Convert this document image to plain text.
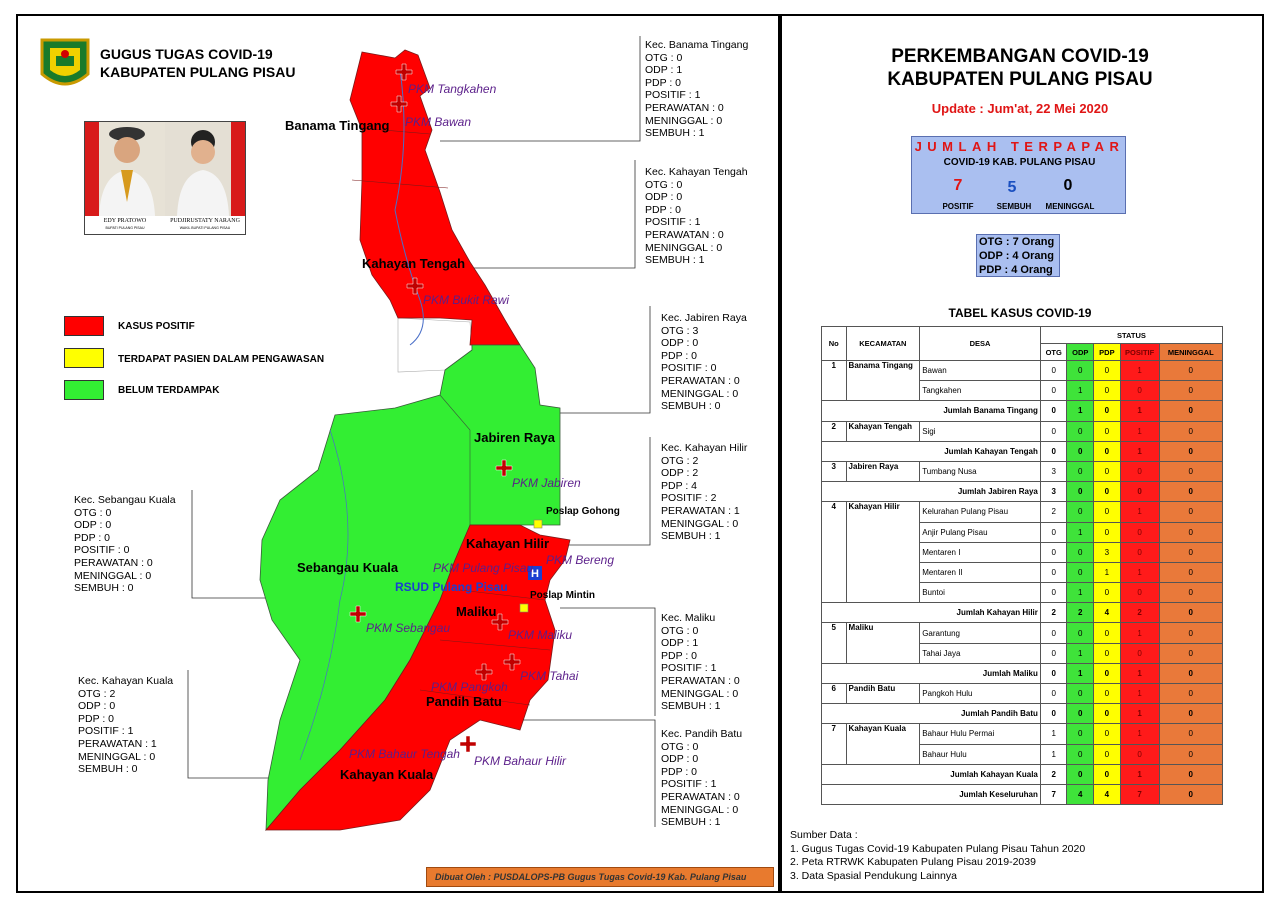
GUGUS TUGAS COVID-19
KABUPATEN PULANG PISAU
EDY PRATOWO
BUPATI PULANG PISAU
PUDJIRUSTATY NARANG
WAKIL BUPATI PULANG PISAU
KASUS POSITIF
TERDAPAT PASIEN DALAM PENGAWASAN
BELUM TERDAMPAK
H
Banama Tingang
Kahayan Tengah
Jabiren Raya
Sebangau Kuala
Kahayan Hilir
Maliku
Pandih Batu
Kahayan Kuala
RSUD Pulang Pisau
PKM Tangkahen
PKM Bawan
PKM Bukit Rawi
PKM Jabiren
PKM Pulang Pisau
PKM Bereng
PKM Sebangau	PKM Maliku
PKM Tahai
PKM Pangkoh
PKM Bahaur Tengah PKM Bahaur Hilir
Poslap Gohong
Poslap Mintin
Kec. Banama Tingang
OTG : 0
ODP : 1
PDP : 0
POSITIF : 1
PERAWATAN : 0
MENINGGAL : 0
SEMBUH : 1
Kec. Kahayan Tengah
OTG : 0
ODP : 0
PDP : 0
POSITIF : 1
PERAWATAN : 0
MENINGGAL : 0
SEMBUH : 1
Kec. Jabiren Raya
OTG : 3
ODP : 0
PDP : 0
POSITIF : 0
PERAWATAN : 0
MENINGGAL : 0
SEMBUH : 0
Kec. Kahayan Hilir
OTG : 2
ODP : 2
PDP : 4
POSITIF : 2
PERAWATAN : 1
MENINGGAL : 0
SEMBUH : 1
Kec. Sebangau Kuala
OTG : 0
ODP : 0
PDP : 0
POSITIF : 0
PERAWATAN : 0
MENINGGAL : 0
SEMBUH : 0
Kec. Maliku
OTG : 0
ODP : 1
PDP : 0
POSITIF : 1
PERAWATAN : 0
MENINGGAL : 0
SEMBUH : 1
Kec. Kahayan Kuala
OTG : 2
ODP : 0
PDP : 0
POSITIF : 1
PERAWATAN : 1
MENINGGAL : 0
SEMBUH : 0
Kec. Pandih Batu
OTG : 0
ODP : 0
PDP : 0
POSITIF : 1
PERAWATAN : 0
MENINGGAL : 0
SEMBUH : 1
Dibuat Oleh : PUSDALOPS-PB Gugus Tugas Covid-19 Kab. Pulang Pisau
PERKEMBANGAN COVID-19
KABUPATEN PULANG PISAU
Update : Jum'at, 22 Mei 2020
JUMLAH TERPAPAR
COVID-19 KAB. PULANG PISAU
7	5	0
POSITIF	SEMBUH	MENINGGAL
OTG : 7 Orang
ODP : 4 Orang
PDP : 4 Orang
TABEL KASUS COVID-19
No	KECAMATAN	DESA	STATUS				
			OTG	ODP	PDP	POSITIF	MENINGGAL
1	Banama Tingang	Bawan	0	0	0	1	0
		Tangkahen	0	1	0	0	0
Jumlah Banama Tingang			0	1	0	1	0
2	Kahayan Tengah	Sigi	0	0	0	1	0
Jumlah Kahayan Tengah			0	0	0	1	0
3	Jabiren Raya	Tumbang Nusa	3	0	0	0	0
Jumlah Jabiren Raya			3	0	0	0	0
4	Kahayan Hilir	Kelurahan Pulang Pisau	2	0	0	1	0
		Anjir Pulang Pisau	0	1	0	0	0
		Mentaren I	0	0	3	0	0
		Mentaren II	0	0	1	1	0
		Buntoi	0	1	0	0	0
Jumlah Kahayan Hilir			2	2	4	2	0
5	Maliku	Garantung	0	0	0	1	0
		Tahai Jaya	0	1	0	0	0
Jumlah Maliku			0	1	0	1	0
6	Pandih Batu	Pangkoh Hulu	0	0	0	1	0
Jumlah Pandih Batu			0	0	0	1	0
7	Kahayan Kuala	Bahaur Hulu Permai	1	0	0	1	0
		Bahaur Hulu	1	0	0	0	0
Jumlah Kahayan Kuala			2	0	0	1	0
Jumlah Keseluruhan			7	4	4	7	0
Sumber Data :
1. Gugus Tugas Covid-19 Kabupaten Pulang Pisau Tahun 2020
2. Peta RTRWK Kabupaten Pulang Pisau 2019-2039
3. Data Spasial Pendukung Lainnya
